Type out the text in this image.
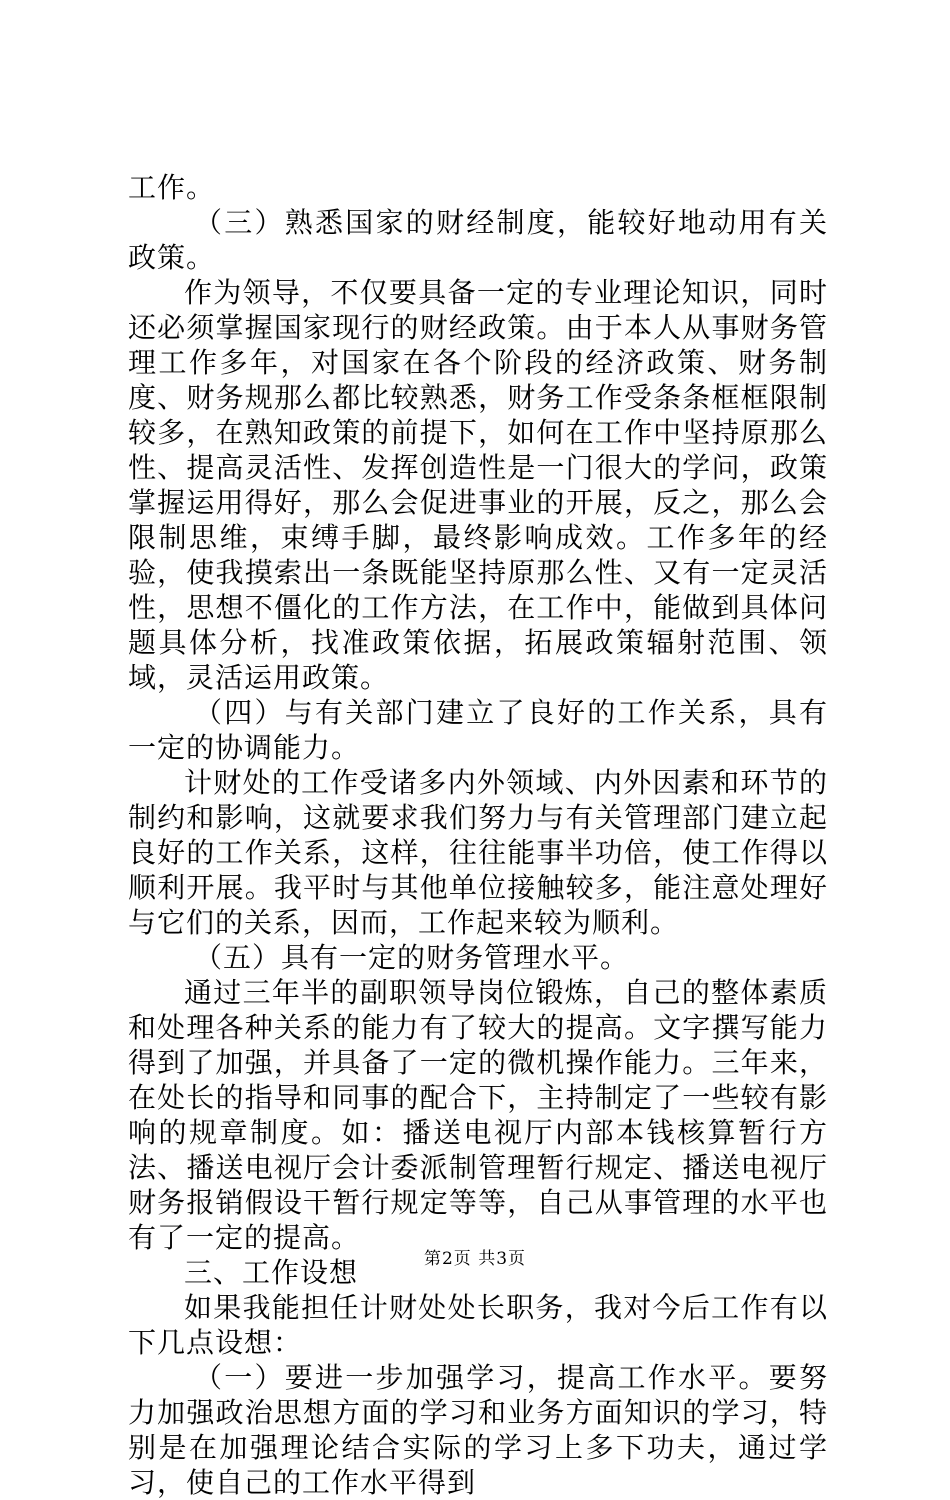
工作。

（三）熟悉国家的财经制度，能较好地动用有关政策。

作为领导，不仅要具备一定的专业理论知识，同时还必须掌握国家现行的财经政策。由于本人从事财务管理工作多年，对国家在各个阶段的经济政策、财务制度、财务规那么都比较熟悉，财务工作受条条框框限制较多，在熟知政策的前提下，如何在工作中坚持原那么性、提高灵活性、发挥创造性是一门很大的学问，政策掌握运用得好，那么会促进事业的开展，反之，那么会限制思维，束缚手脚，最终影响成效。工作多年的经验，使我摸索出一条既能坚持原那么性、又有一定灵活性，思想不僵化的工作方法，在工作中，能做到具体问题具体分析，找准政策依据，拓展政策辐射范围、领域，灵活运用政策。

（四）与有关部门建立了良好的工作关系，具有一定的协调能力。

计财处的工作受诸多内外领域、内外因素和环节的制约和影响，这就要求我们努力与有关管理部门建立起良好的工作关系，这样，往往能事半功倍，使工作得以顺利开展。我平时与其他单位接触较多，能注意处理好与它们的关系，因而，工作起来较为顺利。

（五）具有一定的财务管理水平。

通过三年半的副职领导岗位锻炼，自己的整体素质和处理各种关系的能力有了较大的提高。文字撰写能力得到了加强，并具备了一定的微机操作能力。三年来，在处长的指导和同事的配合下，主持制定了一些较有影响的规章制度。如：播送电视厅内部本钱核算暂行方法、播送电视厅会计委派制管理暂行规定、播送电视厅财务报销假设干暂行规定等等，自己从事管理的水平也有了一定的提高。

三、工作设想

如果我能担任计财处处长职务，我对今后工作有以下几点设想：

（一）要进一步加强学习，提高工作水平。要努力加强政治思想方面的学习和业务方面知识的学习，特别是在加强理论结合实际的学习上多下功夫，通过学习，使自己的工作水平得到

第2页 共3页
